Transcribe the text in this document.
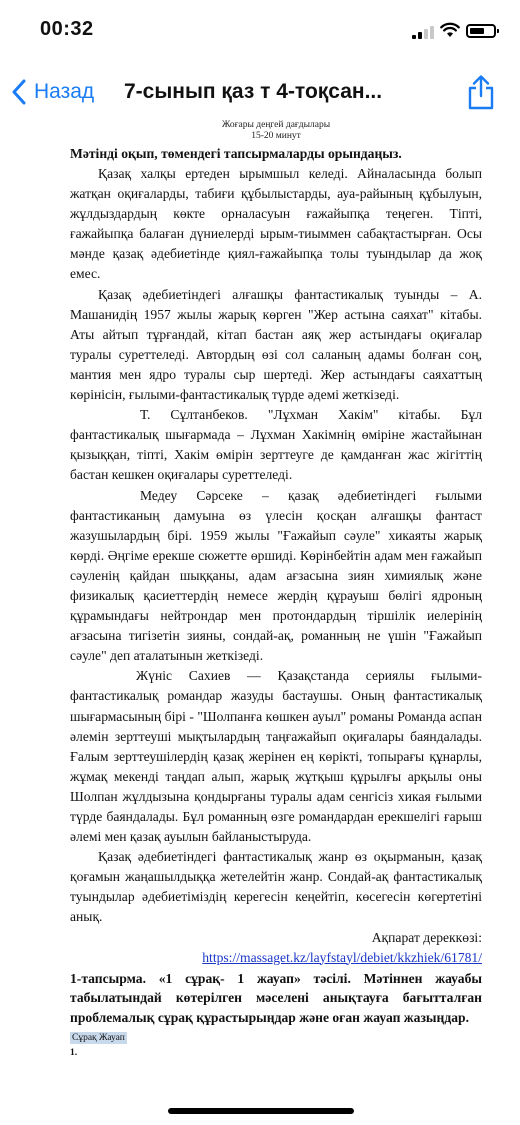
00:32
Назад 7-сынып қаз т 4-тоқсан...
Жоғары деңгей дағдылары
15-20 минут
Мәтінді оқып, төмендегі тапсырмаларды орындаңыз.

Қазақ халқы ертеден ырымшыл келеді. Айналасында болып жатқан оқиғаларды, табиғи құбылыстарды, ауа-райының құбылуын, жұлдыздардың көкте орналасуын ғажайыпқа теңеген. Тіпті, ғажайыпқа балаған дүниелерді ырым-тиыммен сабақтастырған. Осы мәнде қазақ әдебиетінде қиял-ғажайыпқа толы туындылар да жоқ емес.

Қазақ әдебиетіндегі алғашқы фантастикалық туынды – А. Машанидің 1957 жылы жарық көрген "Жер астына саяхат" кітабы. Аты айтып тұрғандай, кітап бастан аяқ жер астындағы оқиғалар туралы суреттеледі. Автордың өзі сол саланың адамы болған соң, мантия мен ядро туралы сыр шертеді. Жер астындағы саяхаттың көрінісін, ғылыми-фантастикалық түрде әдемі жеткізеді.

Т. Сұлтанбеков. "Лұхман Хакім" кітабы. Бұл фантастикалық шығармада – Лұхман Хакімнің өміріне жастайынан қызыққан, тіпті, Хакім өмірін зерттеуге де қамданған жас жігіттің бастан кешкен оқиғалары суреттеледі.

Медеу Сәрсеке – қазақ әдебиетіндегі ғылыми фантастиканың дамуына өз үлесін қосқан алғашқы фантаст жазушылардың бірі. 1959 жылы "Ғажайып сәуле" хикаяты жарық көрді. Әңгіме ерекше сюжетте өршиді. Көрінбейтін адам мен ғажайып сәуленің қайдан шыққаны, адам ағзасына зиян химиялық және физикалық қасиеттердің немесе жердің құрауыш бөлігі ядроның құрамындағы нейтрондар мен протондардың тіршілік иелерінің ағзасына тигізетін зияны, сондай-ақ, романның не үшін "Ғажайып сәуле" деп аталатынын жеткізеді.

Жүніс Сахиев — Қазақстанда сериялы ғылыми-фантастикалық романдар жазуды бастаушы. Оның фантастикалық шығармасының бірі - "Шолпанға көшкен ауыл" романы Романда аспан әлемін зерттеуші мықтылардың таңғажайып оқиғалары баяндалады. Ғалым зерттеушілердің қазақ жерінен ең көрікті, топырағы құнарлы, жұмақ мекенді таңдап алып, жарық жұтқыш құрылғы арқылы оны Шолпан жұлдызына қондырғаны туралы адам сенгісіз хикая ғылыми түрде баяндалады. Бұл романның өзге романдардан ерекшелігі ғарыш әлемі мен қазақ ауылын байланыстыруда.

Қазақ әдебиетіндегі фантастикалық жанр өз оқырманын, қазақ қоғамын жаңашылдыққа жетелейтін жанр. Сондай-ақ фантастикалық туындылар әдебиетіміздің керегесін кеңейтіп, көсегесін көгертетіні анық.

Ақпарат дереккөзі:
https://massaget.kz/layfstayl/debiet/kkzhiek/61781/
1-тапсырма. «1 сұрақ- 1 жауап» тәсілі. Мәтіннен жауабы табылатындай көтерілген мәселені анықтауға бағытталған проблемалық сұрақ құрастырыңдар және оған жауап жазыңдар.
Сұрақ Жауап
1.
